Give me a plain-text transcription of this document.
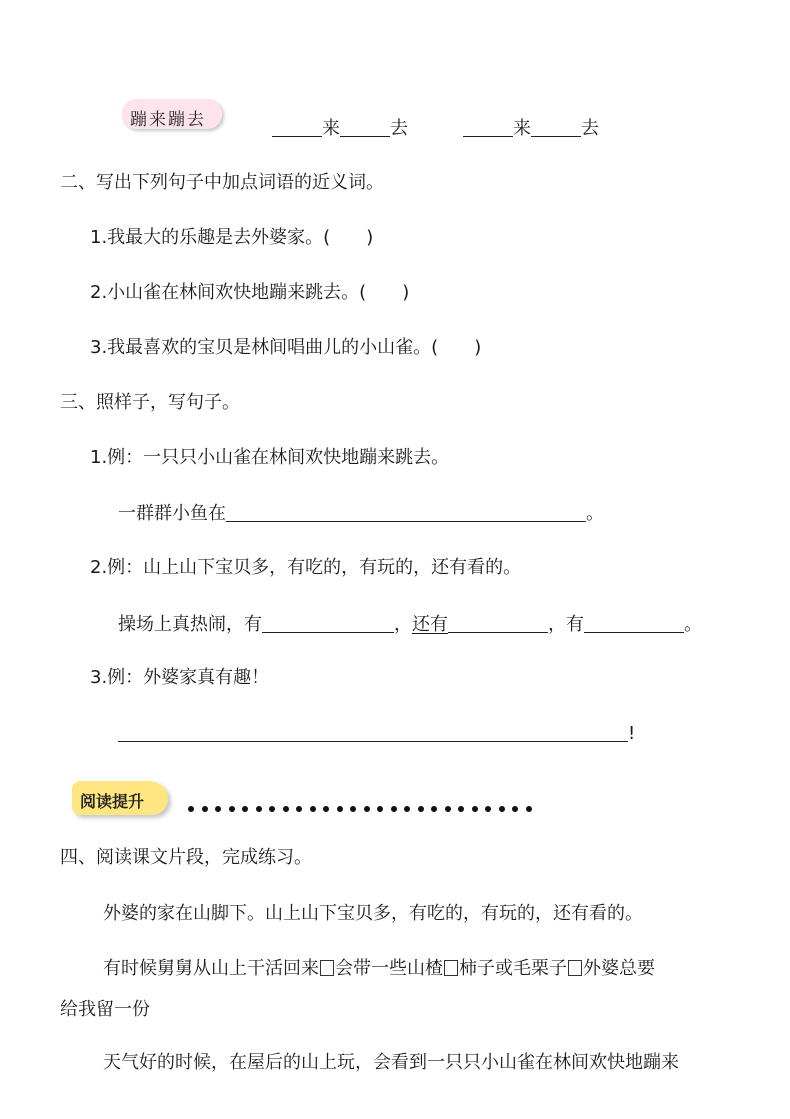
蹦来蹦去	来	去	来	去
二、写出下列句子中加点词语的近义词。
1.我最大的乐趣是去外婆家。(　　)
2.小山雀在林间欢快地蹦来跳去。(　　)
3.我最喜欢的宝贝是林间唱曲儿的小山雀。(　　)
三、照样子，写句子。
1.例：一只只小山雀在林间欢快地蹦来跳去。
一群群小鱼在	。
2.例：山上山下宝贝多，有吃的，有玩的，还有看的。
操场上真热闹，有	，还有	，有	。
3.例：外婆家真有趣！
!
阅读提升
四、阅读课文片段，完成练习。
外婆的家在山脚下。山上山下宝贝多，有吃的，有玩的，还有看的。
有时候舅舅从山上干活回来 会带一些山楂 柿子或毛栗子 外婆总要
给我留一份
天气好的时候，在屋后的山上玩，会看到一只只小山雀在林间欢快地蹦来
